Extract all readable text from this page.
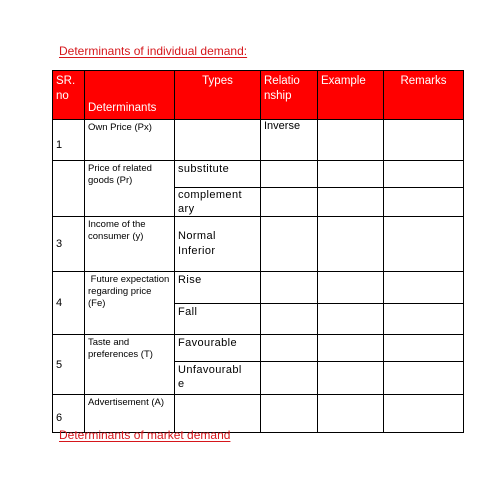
Determinants of individual demand:
SR. no	Determinants	Types	Relatio nship	Example	Remarks

1	Own Price (Px)		Inverse		

	Price of related goods (Pr)	substitute			

		complement ary			

3	Income of the consumer (y)	Normal Inferior			

4	Future expectation regarding price (Fe)	Rise			

		Fall			

5	Taste and preferences (T)	Favourable			

		Unfavourabl e			

6	Advertisement (A)				

Determinants of market demand
